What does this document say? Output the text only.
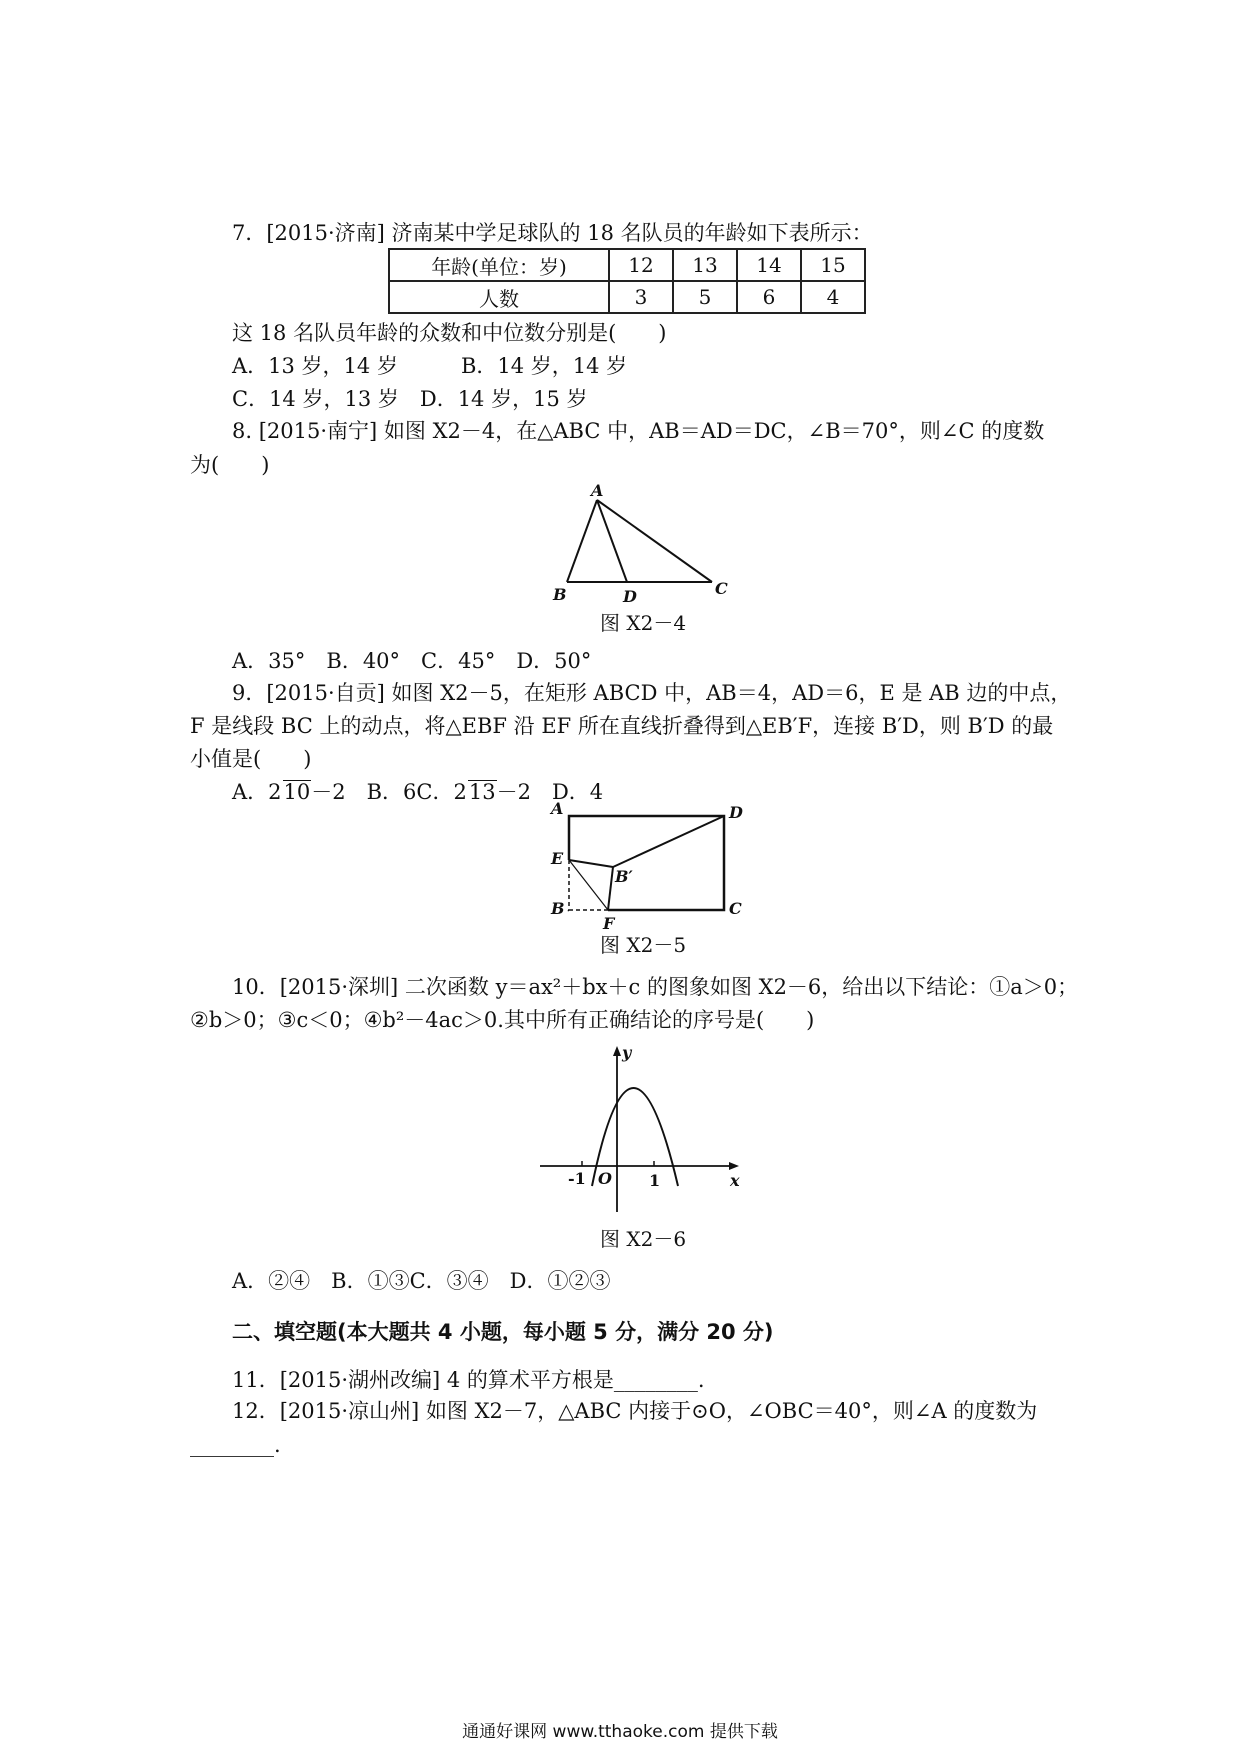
7．[2015·济南] 济南某中学足球队的 18 名队员的年龄如下表所示：
年龄(单位：岁)	12	13	14	15
人数	3	5	6	4
这 18 名队员年龄的众数和中位数分别是(　　)
A．13 岁，14 岁　　　B．14 岁，14 岁
C．14 岁，13 岁　D．14 岁，15 岁
8. [2015·南宁] 如图 X2－4，在△ABC 中，AB＝AD＝DC，∠B＝70°，则∠C 的度数
为(　　)
A
B	D	C
图 X2－4
A．35°　B．40°　C．45°　D．50°
9．[2015·自贡] 如图 X2－5，在矩形 ABCD 中，AB＝4，AD＝6，E 是 AB 边的中点，
F 是线段 BC 上的动点，将△EBF 沿 EF 所在直线折叠得到△EB′F，连接 B′D，则 B′D 的最
小值是(　　)
A．210－2　B．6C．213－2　D．4
A	D
E
B′
B
F
C
图 X2－5
10．[2015·深圳] 二次函数 y＝ax²＋bx＋c 的图象如图 X2－6，给出以下结论：①a＞0；
②b＞0；③c＜0；④b²－4ac＞0.其中所有正确结论的序号是(　　)
y
x
O
-1	1
图 X2－6
A．②④　B．①③C．③④　D．①②③
二、填空题(本大题共 4 小题，每小题 5 分，满分 20 分)
11．[2015·湖州改编] 4 的算术平方根是________.
12．[2015·凉山州] 如图 X2－7，△ABC 内接于⊙O，∠OBC＝40°，则∠A 的度数为
________.
通通好课网 www.tthaoke.com 提供下载
